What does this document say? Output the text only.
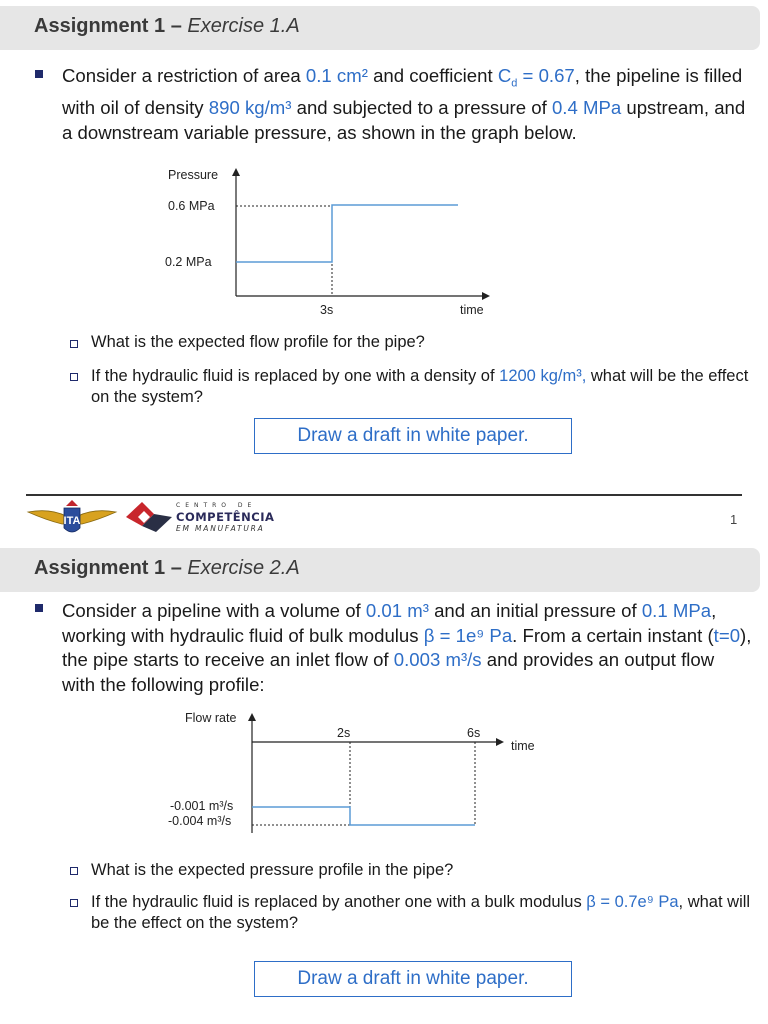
Assignment 1 – Exercise 1.A
Consider a restriction of area 0.1 cm² and coefficient $C_d = 0.67$, the pipeline is filled with oil of density 890 kg/m³ and subjected to a pressure of 0.4 MPa upstream, and a downstream variable pressure, as shown in the graph below.
Pressure
0.6 MPa
0.2 MPa
3s	time
What is the expected flow profile for the pipe?
If the hydraulic fluid is replaced by one with a density of 1200 kg/m³, what will be the effect on the system?
Draw a draft in white paper.
ITA
CENTRO DE
COMPETÊNCIA
EM MANUFATURA
1
Assignment 1 – Exercise 2.A
Consider a pipeline with a volume of 0.01 m³ and an initial pressure of 0.1 MPa, working with hydraulic fluid of bulk modulus β = 1e⁹ Pa. From a certain instant (t=0), the pipe starts to receive an inlet flow of 0.003 m³/s and provides an output flow with the following profile:
Flow rate
2s	6s
time
-0.001 m³/s
-0.004 m³/s
What is the expected pressure profile in the pipe?
If the hydraulic fluid is replaced by another one with a bulk modulus β = 0.7e⁹ Pa, what will be the effect on the system?
Draw a draft in white paper.
